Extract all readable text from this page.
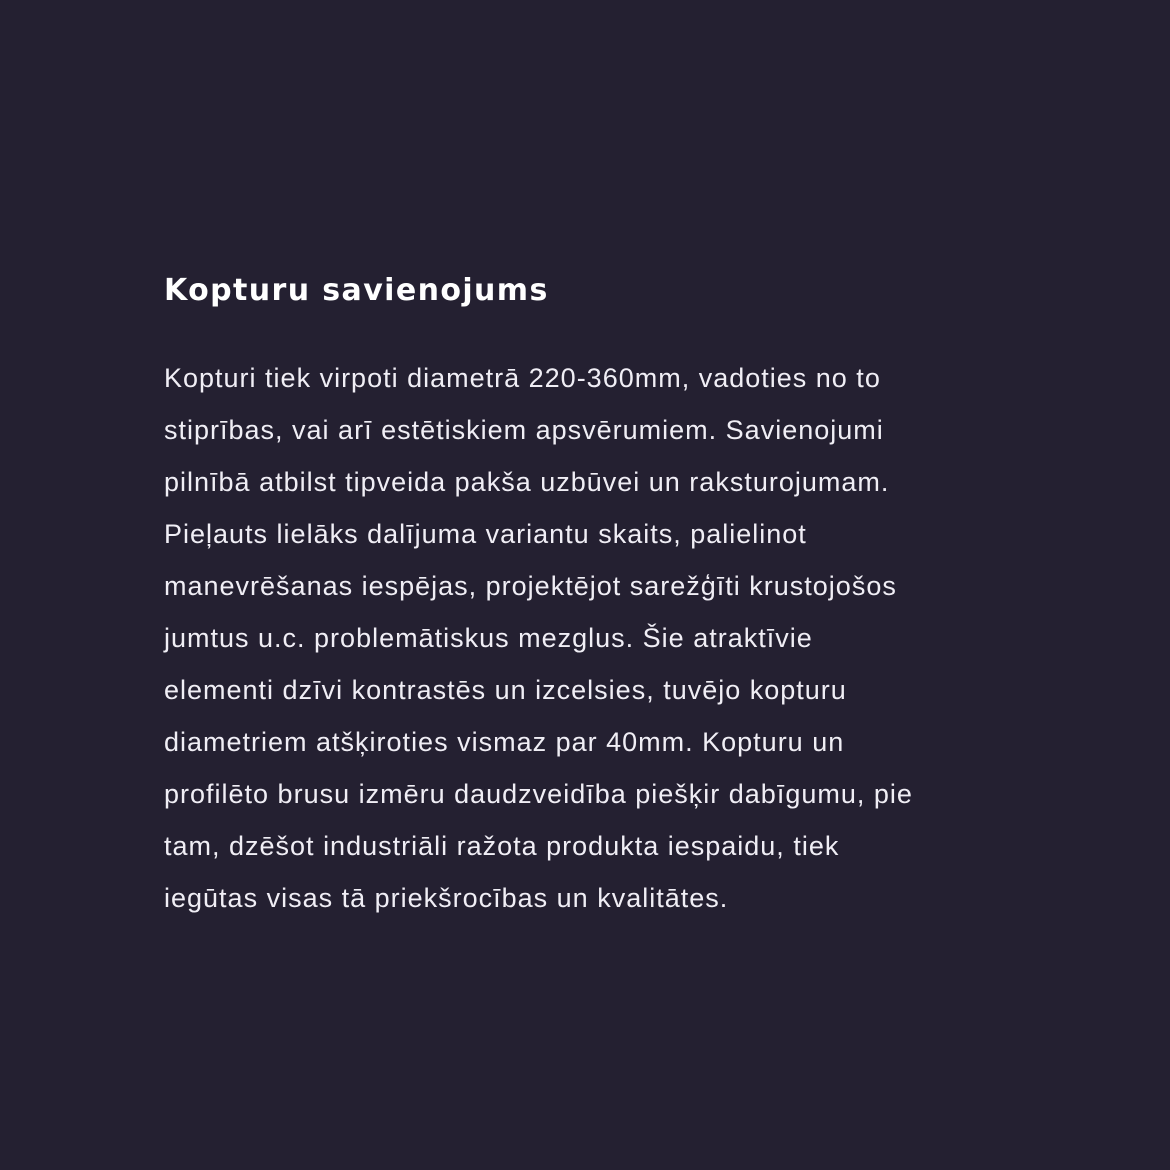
Kopturu savienojums

Kopturi tiek virpoti diametrā 220-360mm, vadoties no to
stiprības, vai arī estētiskiem apsvērumiem. Savienojumi
pilnībā atbilst tipveida pakša uzbūvei un raksturojumam.
Pieļauts lielāks dalījuma variantu skaits, palielinot
manevrēšanas iespējas, projektējot sarežģīti krustojošos
jumtus u.c. problemātiskus mezglus. Šie atraktīvie
elementi dzīvi kontrastēs un izcelsies, tuvējo kopturu
diametriem atšķiroties vismaz par 40mm. Kopturu un
profilēto brusu izmēru daudzveidība piešķir dabīgumu, pie
tam, dzēšot industriāli ražota produkta iespaidu, tiek
iegūtas visas tā priekšrocības un kvalitātes.
